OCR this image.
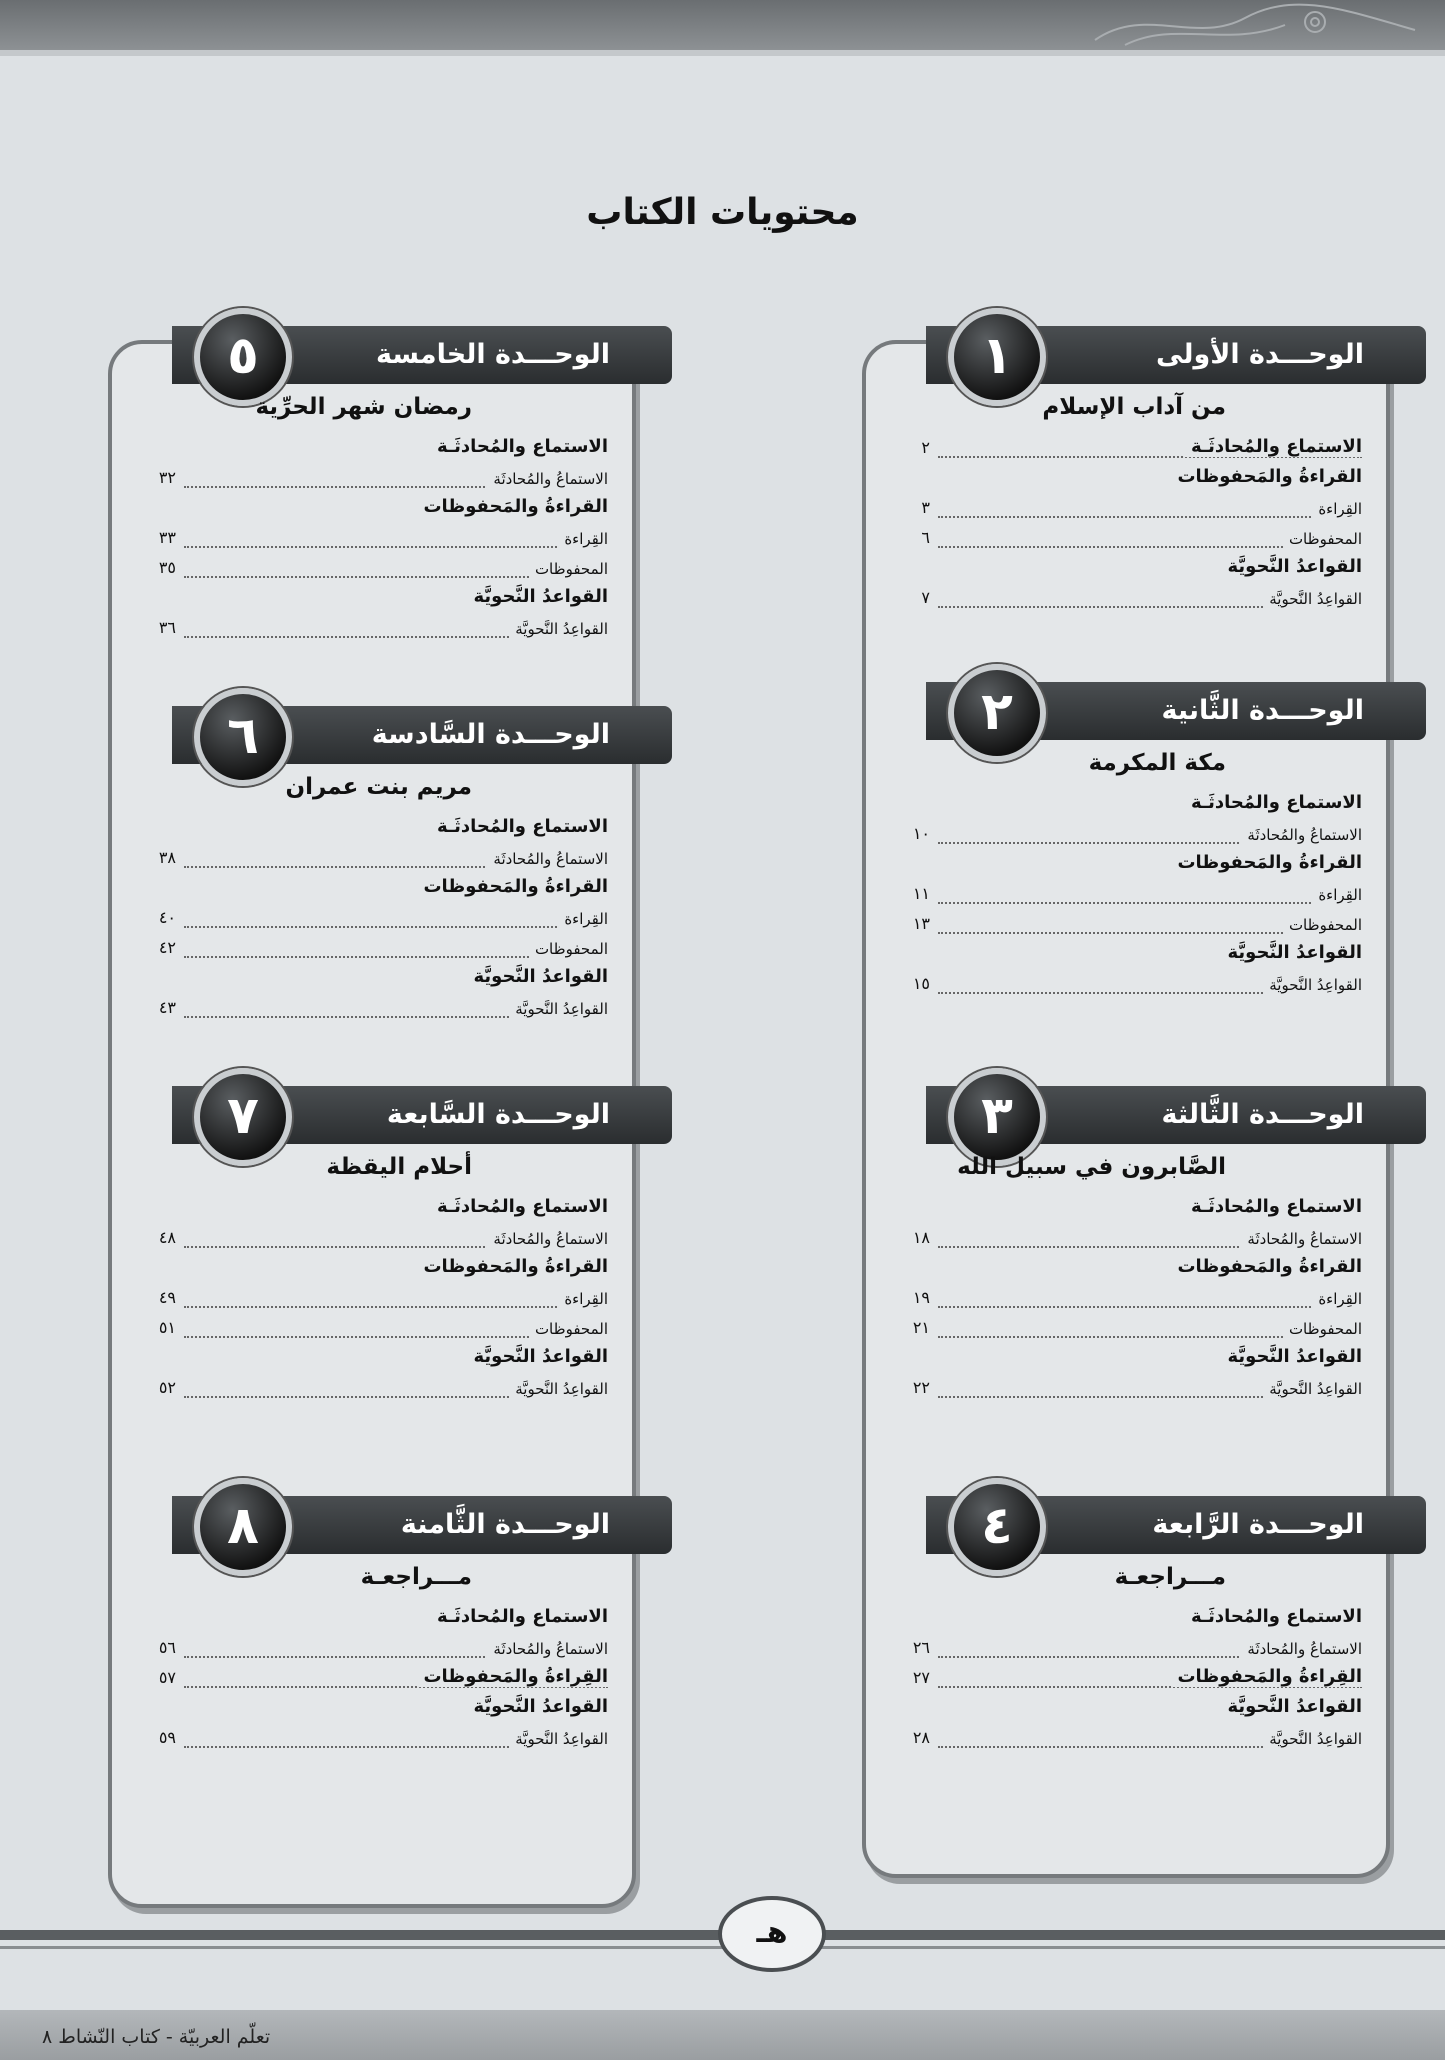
محتويات الكتاب
الوحـــدة الأولى
١
من آداب الإسلام
الاستماع والمُحادثَـة
٢
القراءةُ والمَحفوظات
القِراءة
٣
المحفوظات
٦
القواعدُ النَّحويَّة
القواعِدُ النَّحويَّة
٧
الوحـــدة الثَّانية
٢
مكة المكرمة
الاستماع والمُحادثَـة
الاستماعُ والمُحادثَة
١٠
القراءةُ والمَحفوظات
القِراءة
١١
المحفوظات
١٣
القواعدُ النَّحويَّة
القواعِدُ النَّحويَّة
١٥
الوحـــدة الثَّالثة
٣
الصَّابرون في سبيل الله
الاستماع والمُحادثَـة
الاستماعُ والمُحادثَة
١٨
القراءةُ والمَحفوظات
القِراءة
١٩
المحفوظات
٢١
القواعدُ النَّحويَّة
القواعِدُ النَّحويَّة
٢٢
الوحـــدة الرَّابعة
٤
مـــراجعـة
الاستماع والمُحادثَـة
الاستماعُ والمُحادثَة
٢٦
القِراءةُ والمَحفوظات
٢٧
القواعدُ النَّحويَّة
القواعِدُ النَّحويَّة
٢٨
الوحـــدة الخامسة
٥
رمضان شهر الحرِّية
الاستماع والمُحادثَـة
الاستماعُ والمُحادثَة
٣٢
القراءةُ والمَحفوظات
القِراءة
٣٣
المحفوظات
٣٥
القواعدُ النَّحويَّة
القواعِدُ النَّحويَّة
٣٦
الوحـــدة السَّادسة
٦
مريم بنت عمران
الاستماع والمُحادثَـة
الاستماعُ والمُحادثَة
٣٨
القراءةُ والمَحفوظات
القِراءة
٤٠
المحفوظات
٤٢
القواعدُ النَّحويَّة
القواعِدُ النَّحويَّة
٤٣
الوحـــدة السَّابعة
٧
أحلام اليقظة
الاستماع والمُحادثَـة
الاستماعُ والمُحادثَة
٤٨
القراءةُ والمَحفوظات
القِراءة
٤٩
المحفوظات
٥١
القواعدُ النَّحويَّة
القواعِدُ النَّحويَّة
٥٢
الوحـــدة الثَّامنة
٨
مـــراجعـة
الاستماع والمُحادثَـة
الاستماعُ والمُحادثَة
٥٦
القِراءةُ والمَحفوظات
٥٧
القواعدُ النَّحويَّة
القواعِدُ النَّحويَّة
٥٩
هـ
تعلّم العربيّة - كتاب النّشاط ٨
